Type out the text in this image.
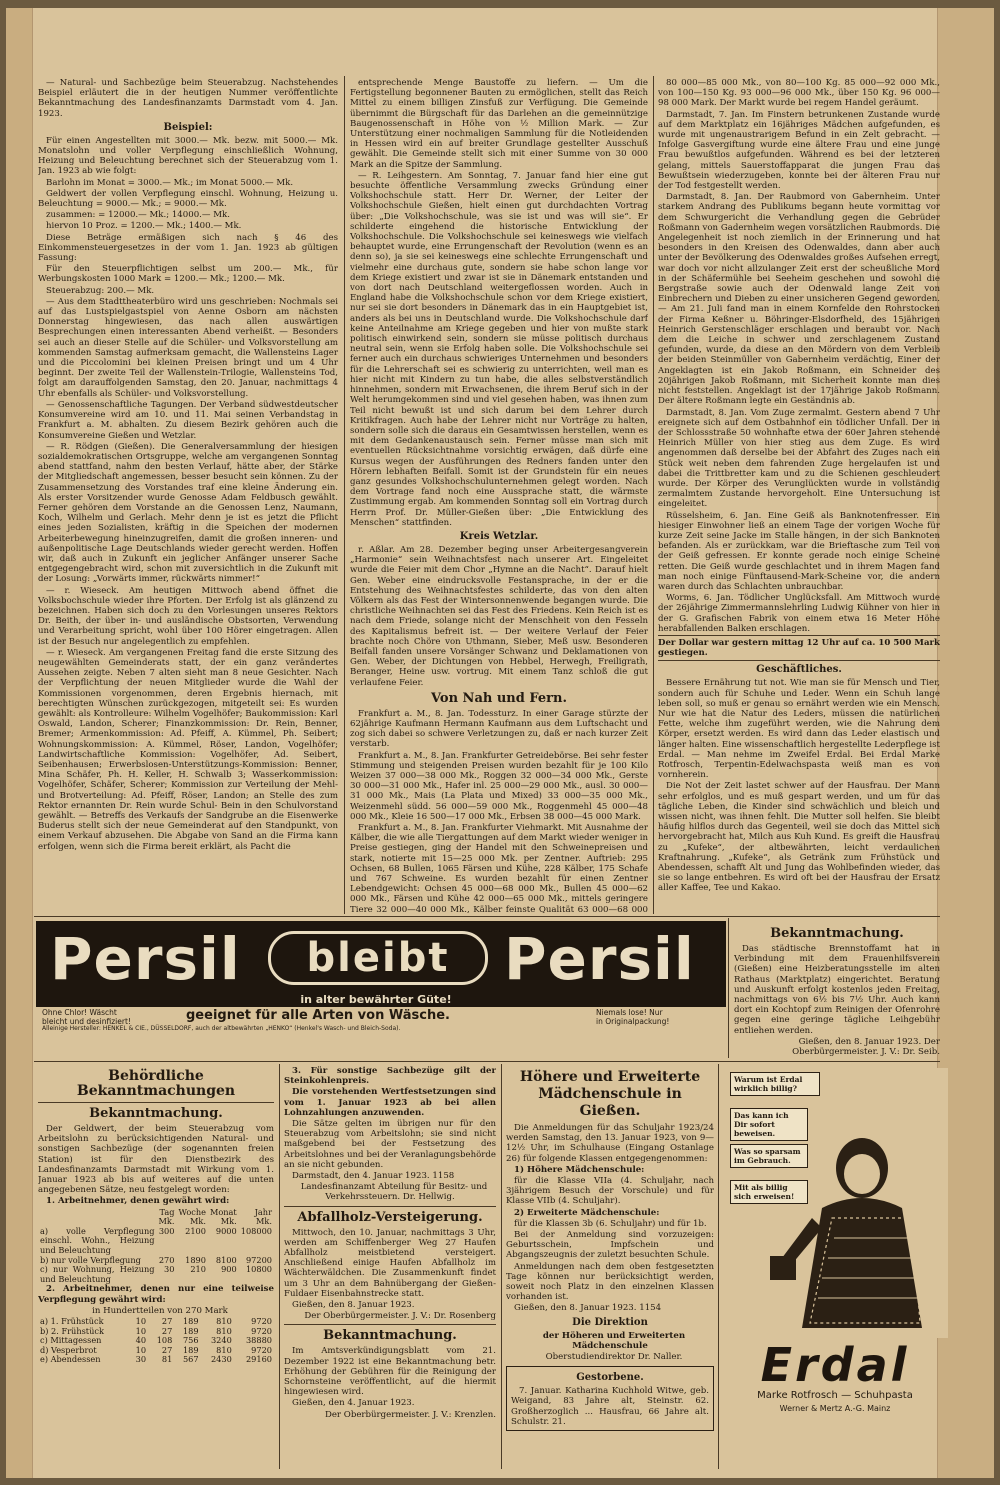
— Natural- und Sachbezüge beim Steuerabzug. Nachstehendes Beispiel erläutert die in der heutigen Nummer veröffentlichte Bekanntmachung des Landesfinanzamts Darmstadt vom 4. Jan. 1923.

Beispiel:

Für einen Angestellten mit 3000.— Mk. bezw. mit 5000.— Mk. Monatslohn und voller Verpflegung einschließlich Wohnung, Heizung und Beleuchtung berechnet sich der Steuerabzug vom 1. Jan. 1923 ab wie folgt:

Barlohn im Monat = 3000.— Mk.; im Monat 5000.— Mk.

Geldwert der vollen Verpflegung einschl. Wohnung, Heizung u. Beleuchtung = 9000.— Mk.; = 9000.— Mk.

zusammen: = 12000.— Mk.; 14000.— Mk.

hiervon 10 Proz. = 1200.— Mk.; 1400.— Mk.

Diese Beträge ermäßigen sich nach § 46 des Einkommensteuergesetzes in der vom 1. Jan. 1923 ab gültigen Fassung:

Für den Steuerpflichtigen selbst um 200.— Mk., für Werbungskosten 1000 Mark = 1200.— Mk.; 1200.— Mk.

Steuerabzug: 200.— Mk.

— Aus dem Stadttheaterbüro wird uns geschrieben: Nochmals sei auf das Lustspielgastspiel von Aenne Osborn am nächsten Donnerstag hingewiesen, das nach allen auswärtigen Besprechungen einen interessanten Abend verheißt. — Besonders sei auch an dieser Stelle auf die Schüler- und Volksvorstellung am kommenden Samstag aufmerksam gemacht, die Wallensteins Lager und die Piccolomini bei kleinen Preisen bringt und um 4 Uhr beginnt. Der zweite Teil der Wallenstein-Trilogie, Wallensteins Tod, folgt am darauffolgenden Samstag, den 20. Januar, nachmittags 4 Uhr ebenfalls als Schüler- und Volksvorstellung.

— Genossenschaftliche Tagungen. Der Verband südwestdeutscher Konsumvereine wird am 10. und 11. Mai seinen Verbandstag in Frankfurt a. M. abhalten. Zu diesem Bezirk gehören auch die Konsumvereine Gießen und Wetzlar.

— R. Rödgen (Gießen). Die Generalversammlung der hiesigen sozialdemokratischen Ortsgruppe, welche am vergangenen Sonntag abend stattfand, nahm den besten Verlauf, hätte aber, der Stärke der Mitgliedschaft angemessen, besser besucht sein können. Zu der Zusammensetzung des Vorstandes traf eine kleine Änderung ein. Als erster Vorsitzender wurde Genosse Adam Feldbusch gewählt. Ferner gehören dem Vorstande an die Genossen Lenz, Naumann, Koch, Wilhelm und Gerlach. Mehr denn je ist es jetzt die Pflicht eines jeden Sozialisten, kräftig in die Speichen der modernen Arbeiterbewegung hineinzugreifen, damit die großen inneren- und außenpolitische Lage Deutschlands wieder gerecht werden. Hoffen wir, daß auch in Zukunft ein jeglicher Anfänger unserer Sache entgegengebracht wird, schon mit zuversichtlich in die Zukunft mit der Losung: „Vorwärts immer, rückwärts nimmer!“

— r. Wieseck. Am heutigen Mittwoch abend öffnet die Volksbochschule wieder ihre Pforten. Der Erfolg ist als glänzend zu bezeichnen. Haben sich doch zu den Vorlesungen unseres Rektors Dr. Beith, der über in- und ausländische Obstsorten, Verwendung und Verarbeitung spricht, wohl über 100 Hörer eingetragen. Allen ist der Besuch nur angelegentlich zu empfehlen.

— r. Wieseck. Am vergangenen Freitag fand die erste Sitzung des neugewählten Gemeinderats statt, der ein ganz verändertes Aussehen zeigte. Neben 7 alten sieht man 8 neue Gesichter. Nach der Verpflichtung der neuen Mitglieder wurde die Wahl der Kommissionen vorgenommen, deren Ergebnis hiernach, mit berechtigten Wünschen zurückgezogen, mitgeteilt sei: Es wurden gewählt: als Kontrolleure: Wilhelm Vogelhöfer; Baukommission: Karl Oswald, Landon, Scherer; Finanzkommission: Dr. Rein, Benner, Bremer; Armenkommission: Ad. Pfeiff, A. Kümmel, Ph. Seibert; Wohnungskommission: A. Kümmel, Röser, Landon, Vogelhöfer; Landwirtschaftliche Kommission: Vogelhöfer, Ad. Seibert, Seibenhausen; Erwerbslosen-Unterstützungs-Kommission: Benner, Mina Schäfer, Ph. H. Keller, H. Schwalb 3; Wasserkommission: Vogelhöfer, Schäfer, Scherer; Kommission zur Verteilung der Mehl- und Brotverteilung: Ad. Pfeiff, Röser, Landon; an Stelle des zum Rektor ernannten Dr. Rein wurde Schul- Bein in den Schulvorstand gewählt. — Betreffs des Verkaufs der Sandgrube an die Eisenwerke Buderus stellt sich der neue Gemeinderat auf den Standpunkt, von einem Verkauf abzusehen. Die Abgabe von Sand an die Firma kann erfolgen, wenn sich die Firma bereit erklärt, als Pacht die

entsprechende Menge Baustoffe zu liefern. — Um die Fertigstellung begonnener Bauten zu ermöglichen, stellt das Reich Mittel zu einem billigen Zinsfuß zur Verfügung. Die Gemeinde übernimmt die Bürgschaft für das Darlehen an die gemeinnützige Baugenossenschaft in Höhe von ½ Million Mark. — Zur Unterstützung einer nochmaligen Sammlung für die Notleidenden in Hessen wird ein auf breiter Grundlage gestellter Ausschuß gewählt. Die Gemeinde stellt sich mit einer Summe von 30 000 Mark an die Spitze der Sammlung.

— R. Leihgestern. Am Sonntag, 7. Januar fand hier eine gut besuchte öffentliche Versammlung zwecks Gründung einer Volkshochschule statt. Herr Dr. Werner, der Leiter der Volkshochschule Gießen, hielt einen gut durchdachten Vortrag über: „Die Volkshochschule, was sie ist und was will sie“. Er schilderte eingehend die historische Entwicklung der Volkshochschule. Die Volkshochschule sei keineswegs wie vielfach behauptet wurde, eine Errungenschaft der Revolution (wenn es an denn so), ja sie sei keineswegs eine schlechte Errungenschaft und vielmehr eine durchaus gute, sondern sie habe schon lange vor dem Kriege existiert und zwar ist sie in Dänemark entstanden und von dort nach Deutschland weitergeflossen worden. Auch in England habe die Volkshochschule schon vor dem Kriege existiert, nur sei sie dort besonders in Dänemark das in ein Hauptgebiet ist, anders als bei uns in Deutschland wurde. Die Volkshochschule darf keine Anteilnahme am Kriege gegeben und hier von mußte stark politisch einwirkend sein, sondern sie müsse politisch durchaus neutral sein, wenn sie Erfolg haben solle. Die Volkshochschule sei ferner auch ein durchaus schwieriges Unternehmen und besonders für die Lehrerschaft sei es schwierig zu unterrichten, weil man es hier nicht mit Kindern zu tun habe, die alles selbstverständlich hinnehmen, sondern mit Erwachsenen, die ihrem Beruf sich in der Welt herumgekommen sind und viel gesehen haben, was ihnen zum Teil nicht bewußt ist und sich darum bei dem Lehrer durch Kritikfragen. Auch habe der Lehrer nicht nur Vorträge zu halten, sondern solle sich die daraus ein Gesamtwissen herstellen, wenn es mit dem Gedankenaustausch sein. Ferner müsse man sich mit eventuellen Rücksichtnahme vorsichtig erwägen, daß dürfe eine Kursus wegen der Ausführungen des Redners fanden unter den Hörern lebhaften Beifall. Somit ist der Grundstein für ein neues ganz gesundes Volkshochschulunternehmen gelegt worden. Nach dem Vortrage fand noch eine Aussprache statt, die wärmste Zustimmung ergab. Am kommenden Sonntag soll ein Vortrag durch Herrn Prof. Dr. Müller-Gießen über: „Die Entwicklung des Menschen“ stattfinden.

Kreis Wetzlar.

r. Aßlar. Am 28. Dezember beging unser Arbeitergesangverein „Harmonie“ sein Weihnachtsfest nach unserer Art. Eingeleitet wurde die Feier mit dem Chor „Hymne an die Nacht“. Darauf hielt Gen. Weber eine eindrucksvolle Festansprache, in der er die Entstehung des Weihnachtsfestes schilderte, das von den alten Völkern als das Fest der Wintersonnenwende begangen wurde. Die christliche Weihnachten sei das Fest des Friedens. Kein Reich ist es nach dem Friede, solange nicht der Menschheit von den Fesseln des Kapitalismus befreit ist. — Der weitere Verlauf der Feier brachte noch Chöre von Uthmann, Sieber, Meß usw. Besonderen Beifall fanden unsere Vorsänger Schwanz und Deklamationen von Gen. Weber, der Dichtungen von Hebbel, Herwegh, Freiligrath, Beranger, Heine usw. vortrug. Mit einem Tanz schloß die gut verlaufene Feier.

Von Nah und Fern.

Frankfurt a. M., 8. Jan. Todessturz. In einer Garage stürzte der 62jährige Kaufmann Hermann Kaufmann aus dem Luftschacht und zog sich dabei so schwere Verletzungen zu, daß er nach kurzer Zeit verstarb.

Frankfurt a. M., 8. Jan. Frankfurter Getreidebörse. Bei sehr fester Stimmung und steigenden Preisen wurden bezahlt für je 100 Kilo Weizen 37 000—38 000 Mk., Roggen 32 000—34 000 Mk., Gerste 30 000—31 000 Mk., Hafer inl. 25 000—29 000 Mk., ausl. 30 000—31 000 Mk., Mais (La Plata und Mixed) 33 000—35 000 Mk., Weizenmehl südd. 56 000—59 000 Mk., Roggenmehl 45 000—48 000 Mk., Kleie 16 500—17 000 Mk., Erbsen 38 000—45 000 Mark.

Frankfurt a. M., 8. Jan. Frankfurter Viehmarkt. Mit Ausnahme der Kälber, die wie alle Tiergattungen auf dem Markt wieder weniger in Preise gestiegen, ging der Handel mit den Schweinepreisen und stark, notierte mit 15—25 000 Mk. per Zentner. Auftrieb: 295 Ochsen, 68 Bullen, 1065 Färsen und Kühe, 228 Kälber, 175 Schafe und 767 Schweine. Es wurden bezahlt für einen Zentner Lebendgewicht: Ochsen 45 000—68 000 Mk., Bullen 45 000—62 000 Mk., Färsen und Kühe 42 000—65 000 Mk., mittels geringere Tiere 32 000—40 000 Mk., Kälber feinste Qualität 63 000—68 000

80 000—85 000 Mk., von 80—100 Kg. 85 000—92 000 Mk., von 100—150 Kg. 93 000—96 000 Mk., über 150 Kg. 96 000—98 000 Mark. Der Markt wurde bei regem Handel geräumt.

Darmstadt, 7. Jan. Im Finstern betrunkenen Zustande wurde auf dem Marktplatz ein 16jähriges Mädchen aufgefunden, es wurde mit ungenaustrarigem Befund in ein Zelt gebracht. — Infolge Gasvergiftung wurde eine ältere Frau und eine junge Frau bewußtlos aufgefunden. Während es bei der letzteren gelang, mittels Sauerstoffapparat die jungen Frau das Bewußtsein wiederzugeben, konnte bei der älteren Frau nur der Tod festgestellt werden.

Darmstadt, 8. Jan. Der Raubmord von Gabernheim. Unter starkem Andrang des Publikums begann heute vormittag vor dem Schwurgericht die Verhandlung gegen die Gebrüder Roßmann von Gadernheim wegen vorsätzlichen Raubmords. Die Angelegenheit ist noch ziemlich in der Erinnerung und hat besonders in den Kreisen des Odenwaldes, dann aber auch unter der Bevölkerung des Odenwaldes großes Aufsehen erregt, war doch vor nicht allzulanger Zeit erst der scheußliche Mord in der Schäfermühle bei Seeheim geschehen und sowohl die Bergstraße sowie auch der Odenwald lange Zeit von Einbrechern und Dieben zu einer unsicheren Gegend geworden. — Am 21. Juli fand man in einem Kornfelde den Rohrstocken der Firma Keßner u. Böhringer-Elsdorfheld, des 15jährigen Heinrich Gerstenschläger erschlagen und beraubt vor. Nach dem die Leiche in schwer und zerschlagenem Zustand gefunden, wurde, da diese an den Mördern von dem Verbleib der beiden Steinmüller von Gabernheim verdächtig, Einer der Angeklagten ist ein Jakob Roßmann, ein Schneider des 20jährigen Jakob Roßmann, mit Sicherheit konnte man dies nicht feststellen. Angeklagt ist der 17jährige Jakob Roßmann. Der ältere Roßmann legte ein Geständnis ab.

Darmstadt, 8. Jan. Vom Zuge zermalmt. Gestern abend 7 Uhr ereignete sich auf dem Ostbahnhof ein tödlicher Unfall. Der in der Schlossstraße 50 wohnhafte etwa der 60er Jahren stehende Heinrich Müller von hier stieg aus dem Zuge. Es wird angenommen daß derselbe bei der Abfahrt des Zuges nach ein Stück weit neben dem fahrenden Zuge hergelaufen ist und dabei die Trittbretter kam und zu die Schienen geschleudert wurde. Der Körper des Verunglückten wurde in vollständig zermalmtem Zustande hervorgeholt. Eine Untersuchung ist eingeleitet.

Rüsselsheim, 6. Jan. Eine Geiß als Banknotenfresser. Ein hiesiger Einwohner ließ an einem Tage der vorigen Woche für kurze Zeit seine Jacke im Stalle hängen, in der sich Banknoten befanden. Als er zurückkam, war die Brieftasche zum Teil von der Geiß gefressen. Er konnte gerade noch einige Scheine retten. Die Geiß wurde geschlachtet und in ihrem Magen fand man noch einige Fünftausend-Mark-Scheine vor, die andern waren durch das Schlachten unbrauchbar.

Worms, 6. Jan. Tödlicher Unglücksfall. Am Mittwoch wurde der 26jährige Zimmermannslehrling Ludwig Kühner von hier in der G. Grafischen Fabrik von einem etwa 16 Meter Höhe herabfallenden Balken erschlagen.

Der Dollar war gestern mittag 12 Uhr auf ca. 10 500 Mark gestiegen.

Geschäftliches.

Bessere Ernährung tut not. Wie man sie für Mensch und Tier, sondern auch für Schuhe und Leder. Wenn ein Schuh lange leben soll, so muß er genau so ernährt werden wie ein Mensch. Nur wie hat die Natur des Leders, müssen die natürlichen Fette, welche ihm zugeführt werden, wie die Nahrung dem Körper, ersetzt werden. Es wird dann das Leder elastisch und länger halten. Eine wissenschaftlich hergestellte Lederpflege ist Erdal. — Man nehme im Zweifel Erdal. Bei Erdal Marke Rotfrosch, Terpentin-Edelwachspasta weiß man es von vornherein.

Die Not der Zeit lastet schwer auf der Hausfrau. Der Mann sehr erfolglos, und es muß gespart werden, und um für das tägliche Leben, die Kinder sind schwächlich und bleich und wissen nicht, was ihnen fehlt. Die Mutter soll helfen. Sie bleibt häufig hilflos durch das Gegenteil, weil sie doch das Mittel sich hervorgebracht hat, Milch aus Kuh Kund. Es greift die Hausfrau zu „Kufeke“, der altbewährten, leicht verdaulichen Kraftnahrung. „Kufeke“, als Getränk zum Frühstück und Abendessen, schafft Alt und Jung das Wohlbefinden wieder, das sie so lange entbehren. Es wird oft bei der Hausfrau der Ersatz aller Kaffee, Tee und Kakao.

Persil	bleibt Persil
in alter bewährter Güte!
Ohne Chlor! Wäscht
bleicht und desinfiziert!	geeignet für alle Arten von Wäsche.	Niemals lose! Nur
in Originalpackung!
Alleinige Hersteller: HENKEL & CIE., DÜSSELDORF, auch der altbewährten „HENKO“ (Henkel's Wasch- und Bleich-Soda).
Bekanntmachung.

Das städtische Brennstoffamt hat in Verbindung mit dem Frauenhilfsverein (Gießen) eine Heizberatungsstelle im alten Rathaus (Marktplatz) eingerichtet. Beratung und Auskunft erfolgt kostenlos jeden Freitag, nachmittags von 6½ bis 7½ Uhr. Auch kann dort ein Kochtopf zum Reinigen der Ofenrohre gegen eine geringe tägliche Leihgebühr entliehen werden.

Gießen, den 8. Januar 1923. Der Oberbürgermeister. J. V.: Dr. Seib.

Behördliche Bekanntmachungen
Bekanntmachung.

Der Geldwert, der beim Steuerabzug vom Arbeitslohn zu berücksichtigenden Natural- und sonstigen Sachbezüge (der sogenannten freien Station) ist für den Dienstbezirk des Landesfinanzamts Darmstadt mit Wirkung vom 1. Januar 1923 ab bis auf weiteres auf die unten angegebenen Sätze, neu festgelegt worden:

1. Arbeitnehmer, denen gewährt wird:

	Tag	Woche	Monat	Jahr
	Mk.	Mk.	Mk.	Mk.
a) volle Verpflegung einschl. Wohn., Heizung und Beleuchtung	300	2100	9000	108000
b) nur volle Verpflegung	270	1890	8100	97200
c) nur Wohnung, Heizung und Beleuchtung	30	210	900	10800

2. Arbeitnehmer, denen nur eine teilweise Verpflegung gewährt wird:

in Hundertteilen von 270 Mark

a) 1. Frühstück	10	27	189	810	9720
b) 2. Frühstück	10	27	189	810	9720
c) Mittagessen	40	108	756	3240	38880
d) Vesperbrot	10	27	189	810	9720
e) Abendessen	30	81	567	2430	29160

3. Für sonstige Sachbezüge gilt der Steinkohlenpreis.

Die vorstehenden Wertfestsetzungen sind vom 1. Januar 1923 ab bei allen Lohnzahlungen anzuwenden.

Die Sätze gelten im übrigen nur für den Steuerabzug vom Arbeitslohn; sie sind nicht maßgebend bei der Festsetzung des Arbeitslohnes und bei der Veranlagungsbehörde an sie nicht gebunden.

Darmstadt, den 4. Januar 1923. 1158

Landesfinanzamt Abteilung für Besitz- und Verkehrssteuern. Dr. Hellwig.

Abfallholz-Versteigerung.

Mittwoch, den 10. Januar, nachmittags 3 Uhr, werden am Schiffenberger Weg 27 Haufen Abfallholz meistbietend versteigert. Anschließend einige Haufen Abfallholz im Wächterwäldchen. Die Zusammenkunft findet um 3 Uhr an dem Bahnübergang der Gießen-Fuldaer Eisenbahnstrecke statt.

Gießen, den 8. Januar 1923.

Der Oberbürgermeister. J. V.: Dr. Rosenberg

Bekanntmachung.

Im Amtsverkündigungsblatt vom 21. Dezember 1922 ist eine Bekanntmachung betr. Erhöhung der Gebühren für die Reinigung der Schornsteine veröffentlicht, auf die hiermit hingewiesen wird.

Gießen, den 4. Januar 1923.

Der Oberbürgermeister. J. V.: Krenzlen.

Höhere und Erweiterte Mädchenschule in Gießen.

Die Anmeldungen für das Schuljahr 1923/24 werden Samstag, den 13. Januar 1923, von 9—12½ Uhr, im Schulhause (Eingang Ostanlage 26) für folgende Klassen entgegengenommen:

1) Höhere Mädchenschule:

für die Klasse VIIa (4. Schuljahr, nach 3jährigem Besuch der Vorschule) und für Klasse VIIb (4. Schuljahr).

2) Erweiterte Mädchenschule:

für die Klassen 3b (6. Schuljahr) und für 1b.

Bei der Anmeldung sind vorzuzeigen: Geburtsschein, Impfschein und Abgangszeugnis der zuletzt besuchten Schule.

Anmeldungen nach dem oben festgesetzten Tage können nur berücksichtigt werden, soweit noch Platz in den einzelnen Klassen vorhanden ist.

Gießen, den 8. Januar 1923. 1154

Die Direktion

der Höheren und Erweiterten Mädchenschule

Oberstudiendirektor Dr. Naller.

Gestorbene.

7. Januar. Katharina Kuchhold Witwe, geb. Weigand, 83 Jahre alt, Steinstr. 62. Großherzoglich ... Hausfrau, 66 Jahre alt. Schulstr. 21.

Warum ist Erdal wirklich billig?
Das kann ich Dir sofort beweisen.
Was so sparsam im Gebrauch.
Mit als billig sich erweisen!
Erdal
Marke Rotfrosch — Schuhpasta
Werner & Mertz A.-G. Mainz
